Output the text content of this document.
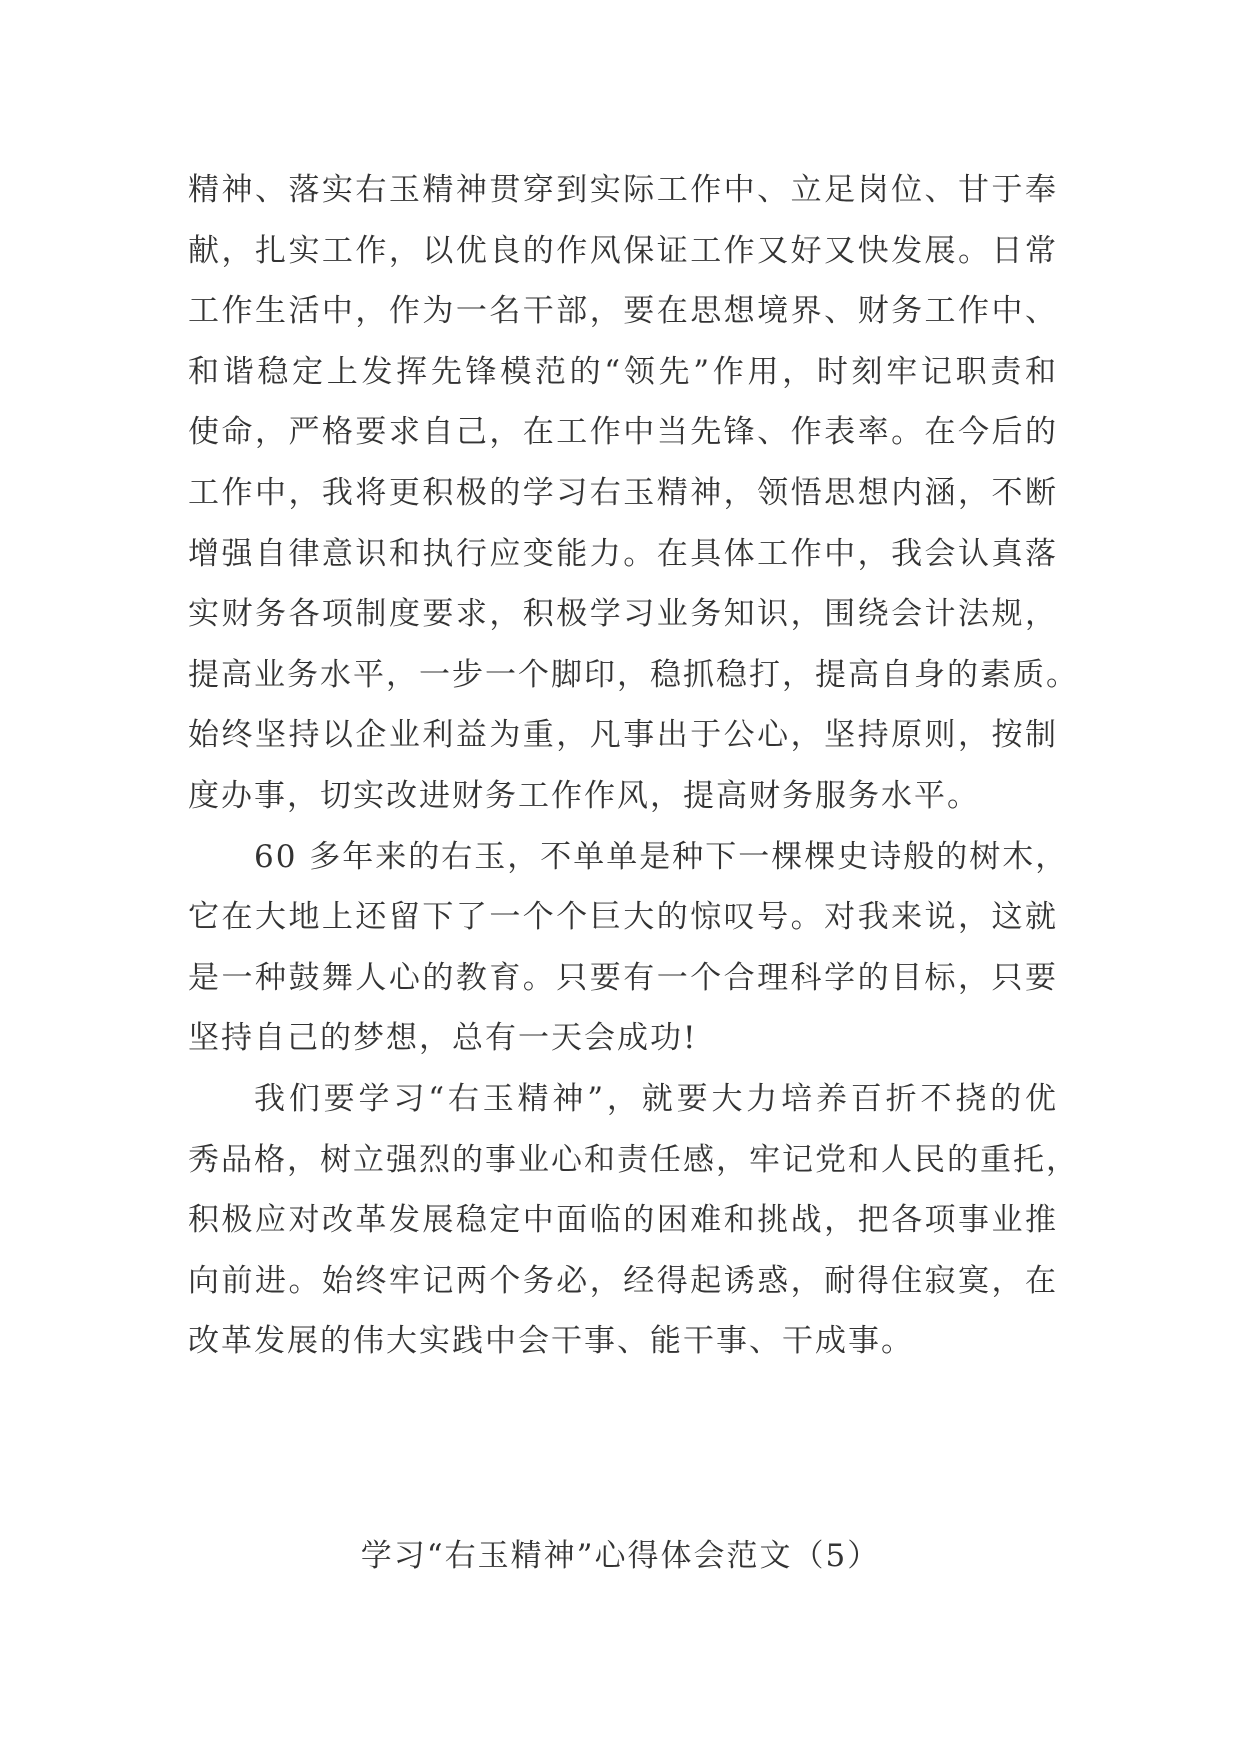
精神、落实右玉精神贯穿到实际工作中、立足岗位、甘于奉
献，扎实工作，以优良的作风保证工作又好又快发展。日常
工作生活中，作为一名干部，要在思想境界、财务工作中、
和谐稳定上发挥先锋模范的“领先”作用，时刻牢记职责和
使命，严格要求自己，在工作中当先锋、作表率。在今后的
工作中，我将更积极的学习右玉精神，领悟思想内涵，不断
增强自律意识和执行应变能力。在具体工作中，我会认真落
实财务各项制度要求，积极学习业务知识，围绕会计法规，
提高业务水平，一步一个脚印，稳抓稳打，提高自身的素质。
始终坚持以企业利益为重，凡事出于公心，坚持原则，按制
度办事，切实改进财务工作作风，提高财务服务水平。
60 多年来的右玉，不单单是种下一棵棵史诗般的树木，
它在大地上还留下了一个个巨大的惊叹号。对我来说，这就
是一种鼓舞人心的教育。只要有一个合理科学的目标，只要
坚持自己的梦想，总有一天会成功!
我们要学习“右玉精神”，就要大力培养百折不挠的优
秀品格，树立强烈的事业心和责任感，牢记党和人民的重托，
积极应对改革发展稳定中面临的困难和挑战，把各项事业推
向前进。始终牢记两个务必，经得起诱惑，耐得住寂寞，在
改革发展的伟大实践中会干事、能干事、干成事。
学习“右玉精神”心得体会范文（5）
